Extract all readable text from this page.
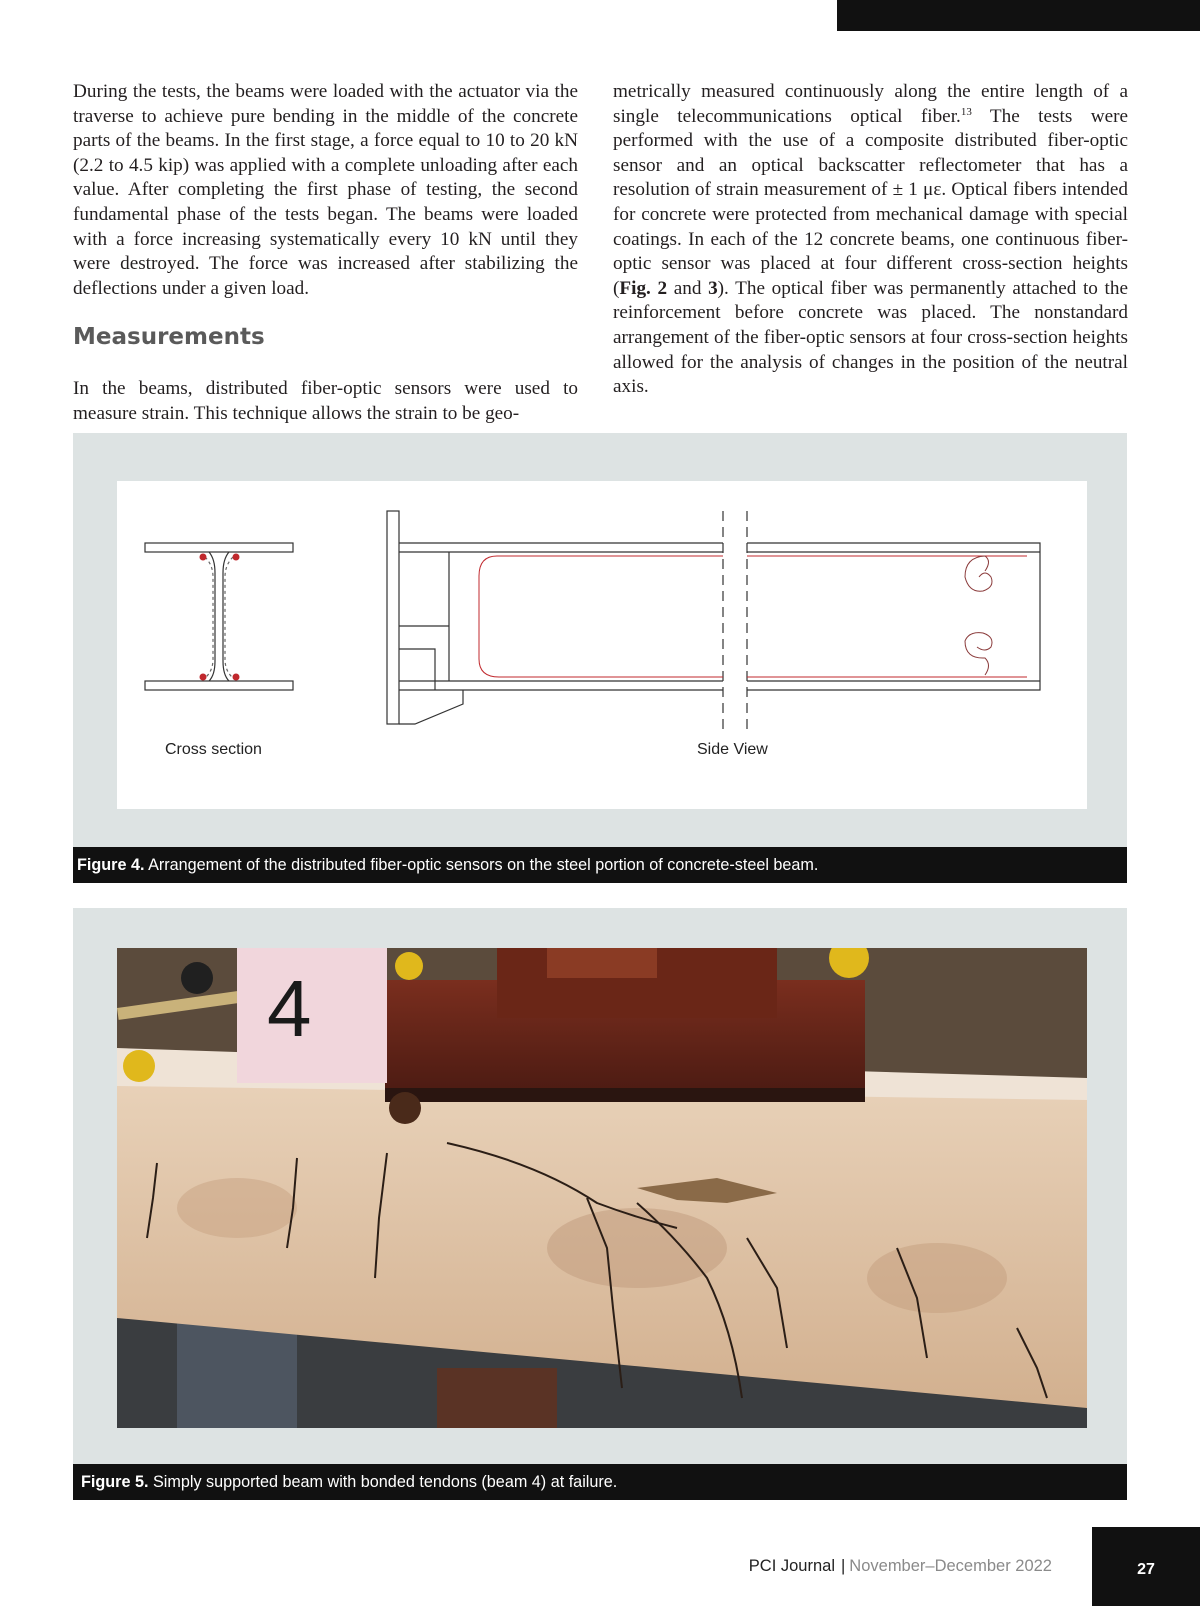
During the tests, the beams were loaded with the actuator via the traverse to achieve pure bending in the middle of the concrete parts of the beams. In the first stage, a force equal to 10 to 20 kN (2.2 to 4.5 kip) was applied with a complete unloading after each value. After completing the first phase of testing, the second fundamental phase of the tests began. The beams were loaded with a force increasing systematically every 10 kN until they were destroyed. The force was increased after stabilizing the deflections under a given load.

Measurements

In the beams, distributed fiber-optic sensors were used to measure strain. This technique allows the strain to be geo-

metrically measured continuously along the entire length of a single telecommunications optical fiber.$^{13}$ The tests were performed with the use of a composite distributed fiber-optic sensor and an optical backscatter reflectometer that has a resolution of strain measurement of ± 1 με. Optical fibers intended for concrete were protected from mechanical damage with special coatings. In each of the 12 concrete beams, one continuous fiber-optic sensor was placed at four different cross-section heights (Fig. 2 and 3). The optical fiber was permanently attached to the reinforcement before concrete was placed. The nonstandard arrangement of the fiber-optic sensors at four cross-section heights allowed for the analysis of changes in the position of the neutral axis.

Cross section	Side View
Figure 4. Arrangement of the distributed fiber-optic sensors on the steel portion of concrete-steel beam.
4
Figure 5. Simply supported beam with bonded tendons (beam 4) at failure.
PCI Journal | November–December 2022	27
